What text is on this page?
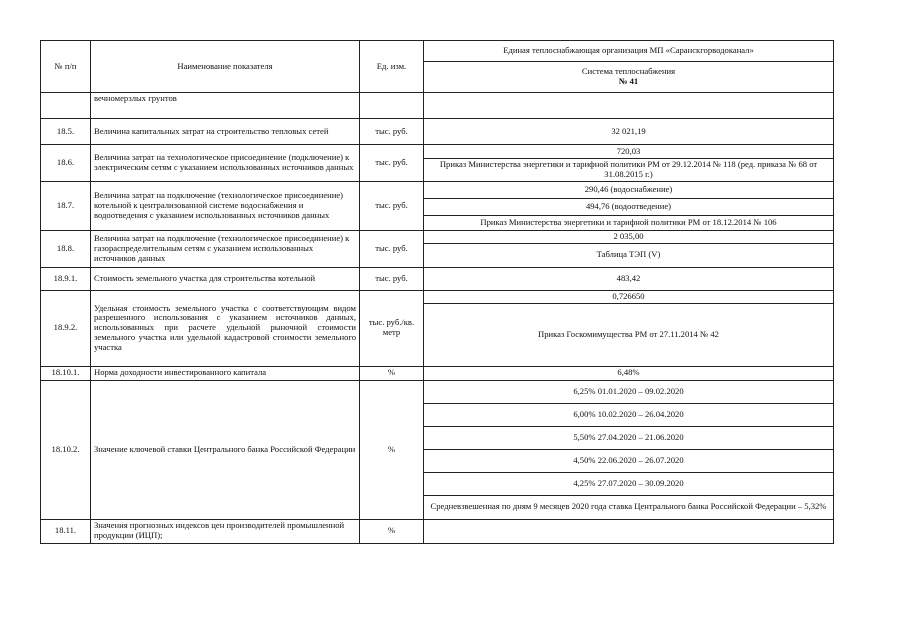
№ п/п	Наименование показателя	Ед. изм.	Единая теплоснабжающая организация МП «Саранскгорводоканал»

			Система теплоснабжения
№ 41

	вечномерзлых грунтов		
18.5.	Величина капитальных затрат на строительство тепловых сетей	тыс. руб.	32 021,19
18.6.	Величина затрат на технологическое присоединение (подключение) к электрическим сетям с указанием использованных источников данных	тыс. руб.	720,03
			Приказ Министерства энергетики и тарифной политики РМ от 29.12.2014 № 118 (ред. приказа № 68 от 31.08.2015 г.)
18.7.	Величина затрат на подключение (технологическое присоединение) котельной к централизованной системе водоснабжения и водоотведения с указанием использованных источников данных	тыс. руб.	290,46 (водоснабжение)
			494,76 (водоотведение)
			Приказ Министерства энергетики и тарифной политики РМ от 18.12.2014 № 106
18.8.	Величина затрат на подключение (технологическое присоединение) к газораспределительным сетям с указанием использованных источников данных	тыс. руб.	2 035,00
			Таблица ТЭП (V)
18.9.1.	Стоимость земельного участка для строительства котельной	тыс. руб.	483,42
18.9.2.	Удельная стоимость земельного участка с соответствующим видом разрешенного использования с указанием источников данных, использованных при расчете удельной рыночной стоимости земельного участка или удельной кадастровой стоимости земельного участка	тыс. руб./кв. метр	0,726650
			Приказ Госкомимущества РМ от 27.11.2014 № 42
18.10.1.	Норма доходности инвестированного капитала	%	6,48%
18.10.2.	Значение ключевой ставки Центрального банка Российской Федерации	%	6,25% 01.01.2020 – 09.02.2020
			6,00% 10.02.2020 – 26.04.2020
			5,50% 27.04.2020 – 21.06.2020
			4,50% 22.06.2020 – 26.07.2020
			4,25% 27.07.2020 – 30.09.2020
			Средневзвешенная по дням 9 месяцев 2020 года ставка Центрального банка Российской Федерации – 5,32%
18.11.	Значения прогнозных индексов цен производителей промышленной продукции (ИЦП);	%	
